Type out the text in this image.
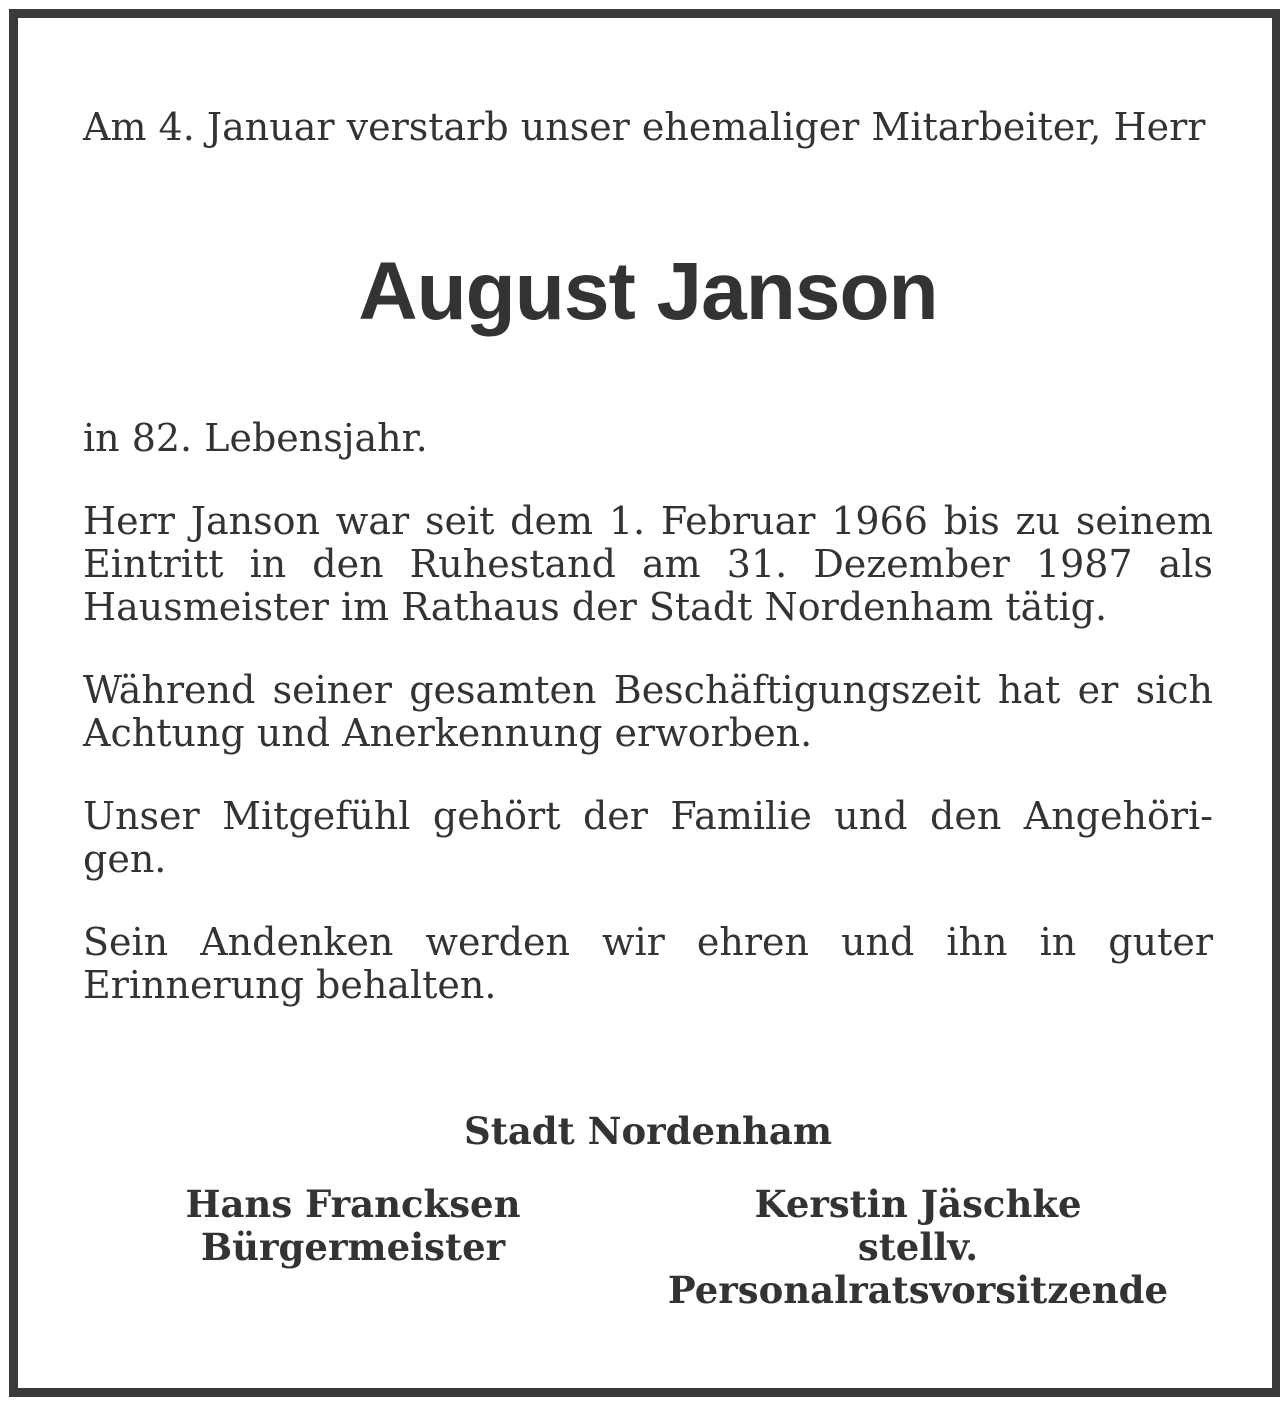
Am 4. Januar verstarb unser ehemaliger Mitarbeiter, Herr

August Janson

in 82. Lebensjahr.

Herr Janson war seit dem 1. Februar 1966 bis zu seinem Eintritt in den Ruhestand am 31. Dezember 1987 als Hausmeister im Rathaus der Stadt Nordenham tätig.

Während seiner gesamten Beschäftigungszeit hat er sich Achtung und Anerkennung erworben.

Unser Mitgefühl gehört der Familie und den Angehöri-gen.

Sein Andenken werden wir ehren und ihn in guter Erinnerung behalten.

Stadt Nordenham
Hans Francksen
Bürgermeister
Kerstin Jäschke
stellv. Personalratsvorsitzende
